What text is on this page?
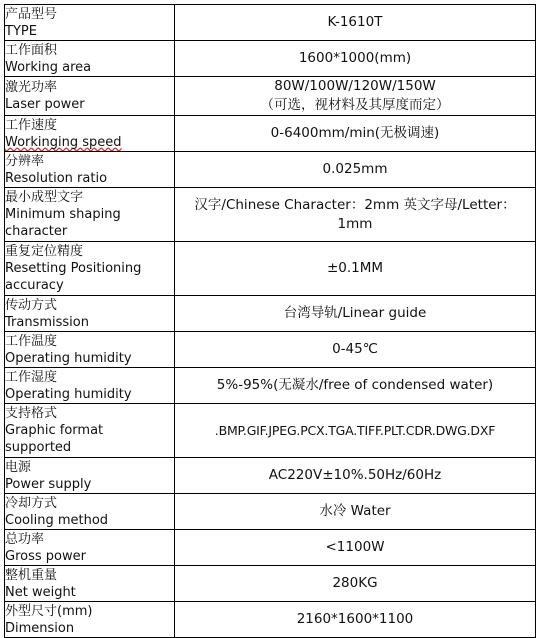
产品型号
TYPE	K-1610T

工作面积
Working area	1600*1000(mm)

激光功率
Laser power	80W/100W/120W/150W
（可选，视材料及其厚度而定）

工作速度
Workinging speed	0-6400mm/min(无极调速)

分辨率
Resolution ratio	0.025mm

最小成型文字
Minimum shaping
character	汉字/Chinese Character：2mm 英文字母/Letter：
1mm

重复定位精度
Resetting Positioning
accuracy	±0.1MM

传动方式
Transmission	台湾导轨/Linear guide

工作温度
Operating humidity	0-45℃

工作湿度
Operating humidity	5%-95%(无凝水/free of condensed water)

支持格式
Graphic format
supported	.BMP.GIF.JPEG.PCX.TGA.TIFF.PLT.CDR.DWG.DXF

电源
Power supply	AC220V±10%.50Hz/60Hz

冷却方式
Cooling method	水冷 Water

总功率
Gross power	<1100W

整机重量
Net weight	280KG

外型尺寸(mm)
Dimension	2160*1600*1100
